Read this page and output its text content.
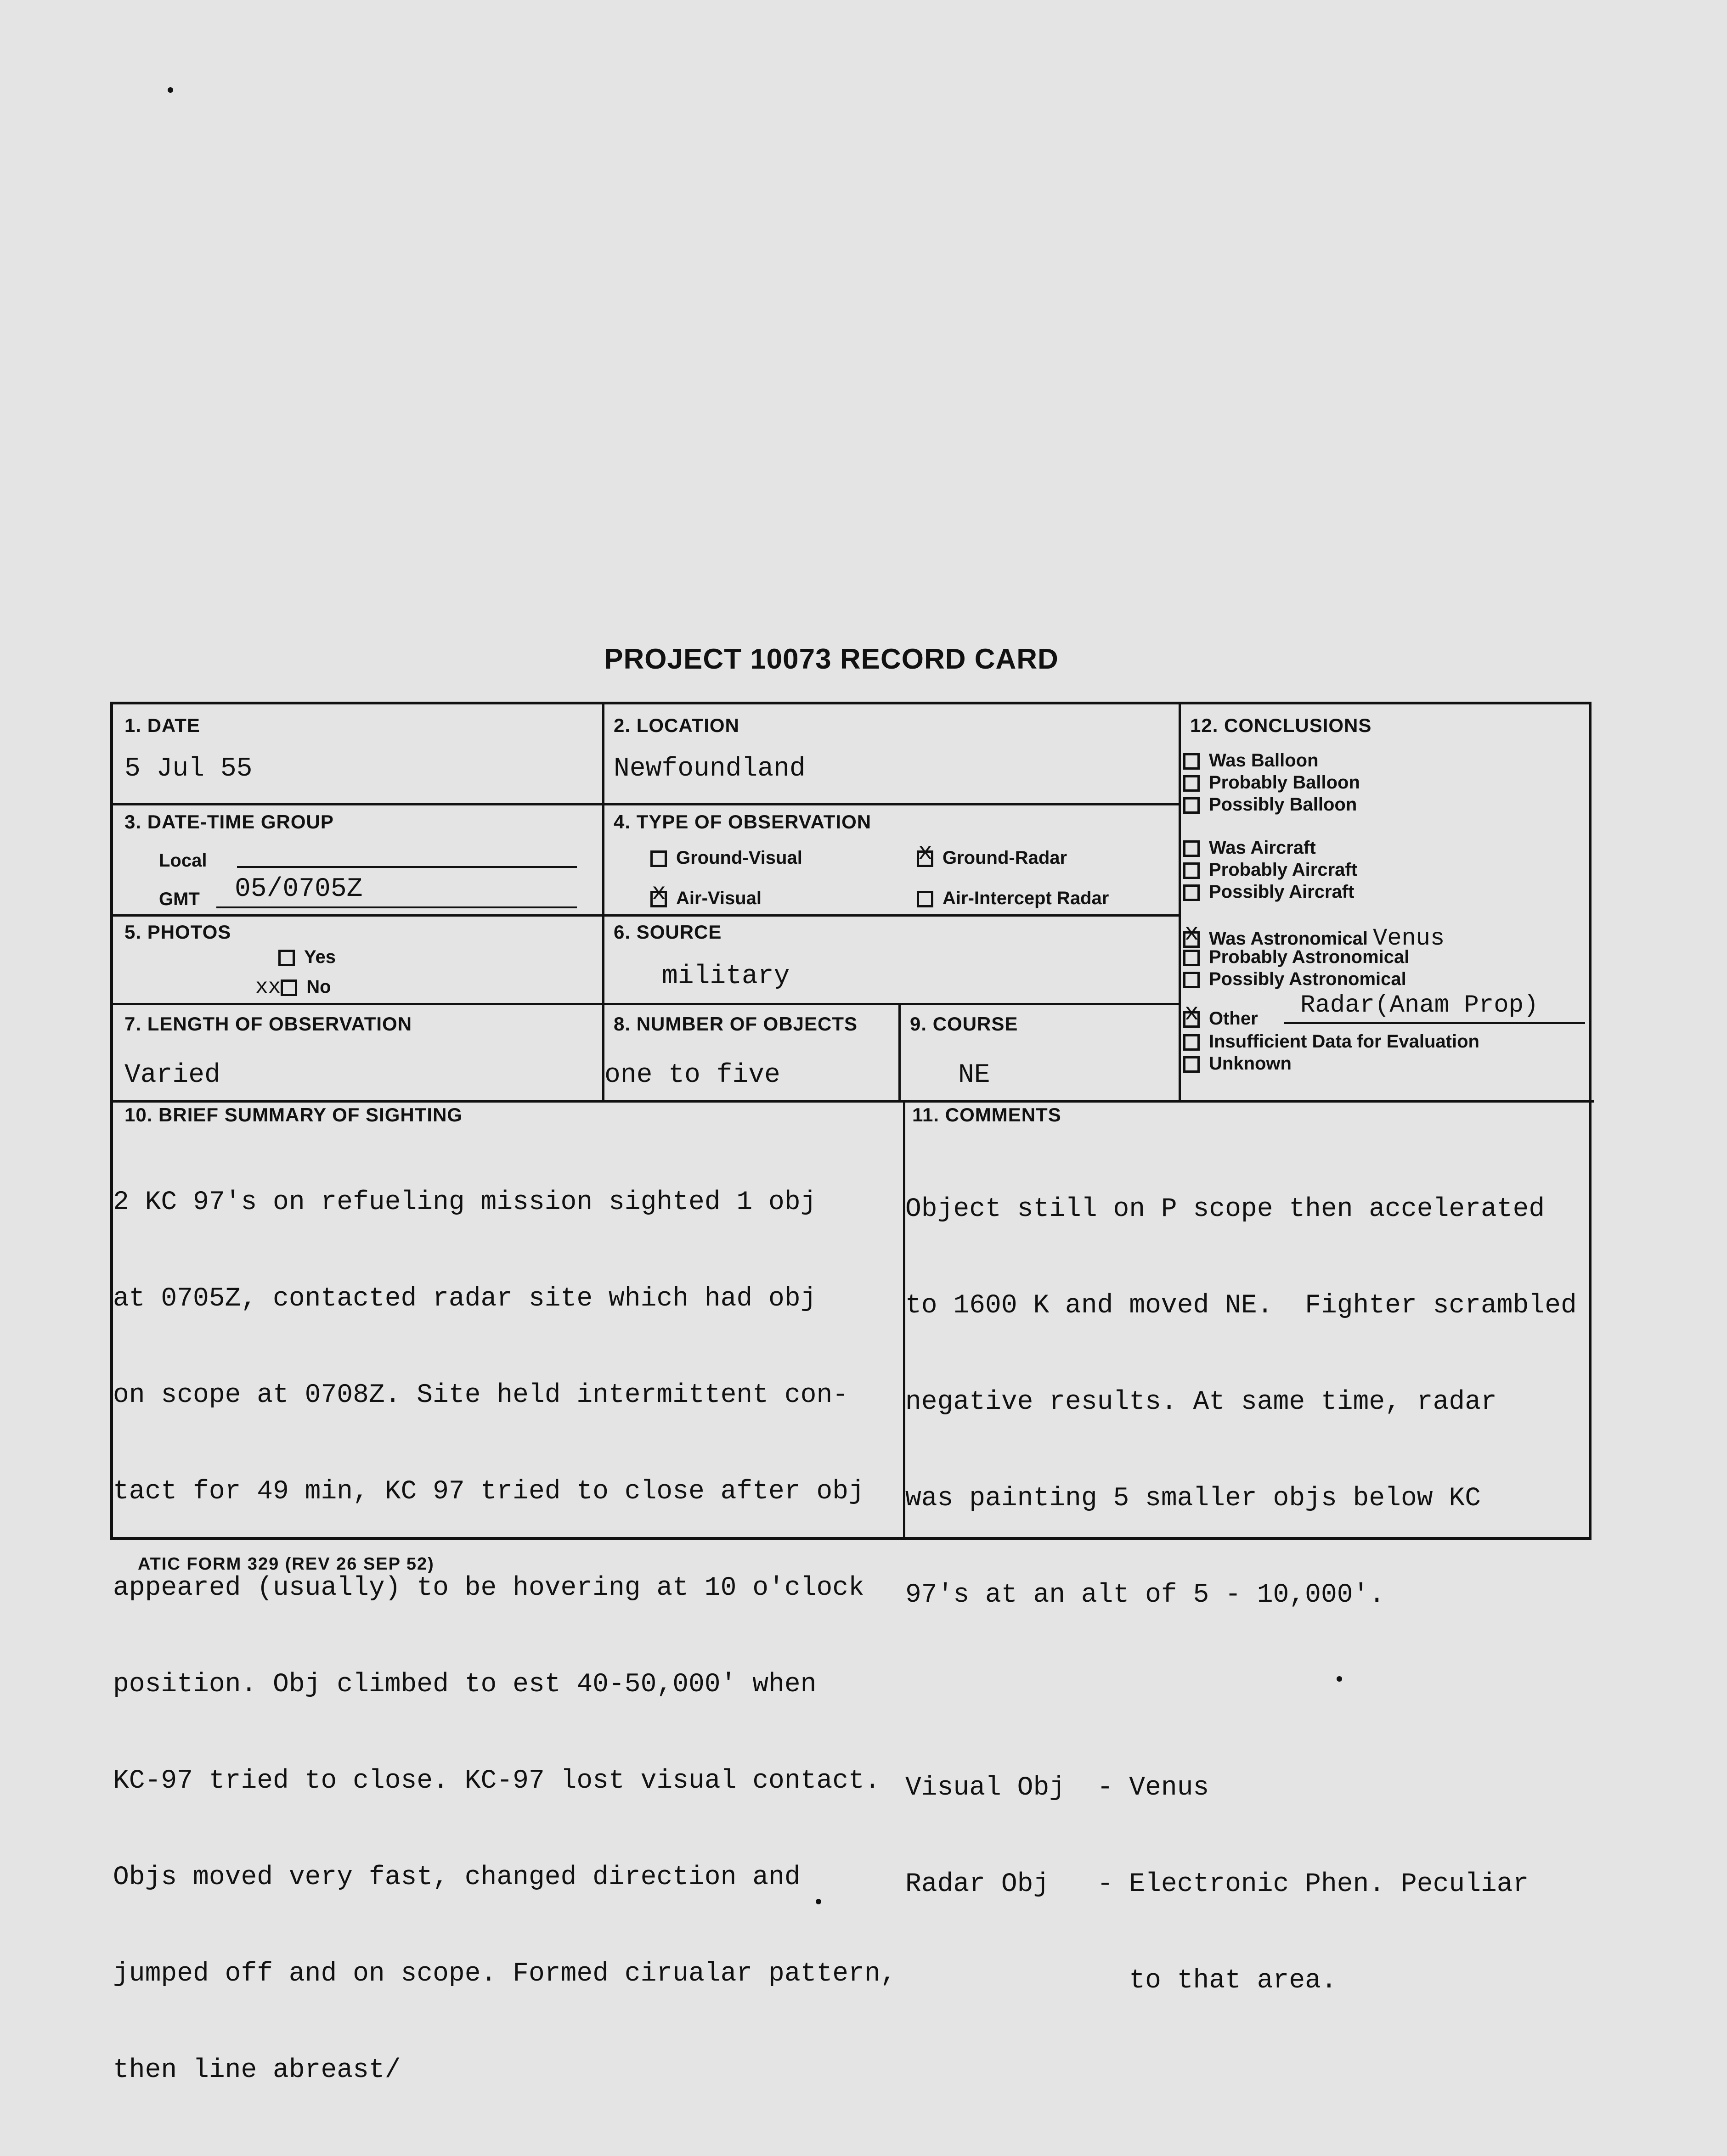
PROJECT 10073 RECORD CARD
1. DATE
5 Jul 55
2. LOCATION
Newfoundland
3. DATE-TIME GROUP
Local
GMT 05/0705Z
4. TYPE OF OBSERVATION
Ground-Visual
x	Ground-Radar
xAir-Visual	Air-Intercept Radar
5. PHOTOS
Yes
xx No
6. SOURCE
military
7. LENGTH OF OBSERVATION
Varied
8. NUMBER OF OBJECTS
one to five
9. COURSE
NE
12. CONCLUSIONS
Was Balloon
Probably Balloon
Possibly Balloon
Was Aircraft
Probably Aircraft
Possibly Aircraft
xWas Astronomical Venus
Probably Astronomical
Possibly Astronomical
xOther Radar(Anam Prop)
Insufficient Data for Evaluation
Unknown
10. BRIEF SUMMARY OF SIGHTING

2 KC 97's on refueling mission sighted 1 obj

at 0705Z, contacted radar site which had obj

on scope at 0708Z. Site held intermittent con-

tact for 49 min, KC 97 tried to close after obj

appeared (usually) to be hovering at 10 o'clock

position. Obj climbed to est 40-50,000' when

KC-97 tried to close. KC-97 lost visual contact.

Objs moved very fast, changed direction and

jumped off and on scope. Formed cirualar pattern,

then line abreast/

11. COMMENTS

Object still on P scope then accelerated

to 1600 K and moved NE.  Fighter scrambled

negative results. At same time, radar

was painting 5 smaller objs below KC

97's at an alt of 5 - 10,000'.

Visual Obj  - Venus

Radar Obj   - Electronic Phen. Peculiar

to that area.

ATIC FORM 329 (REV 26 SEP 52)
